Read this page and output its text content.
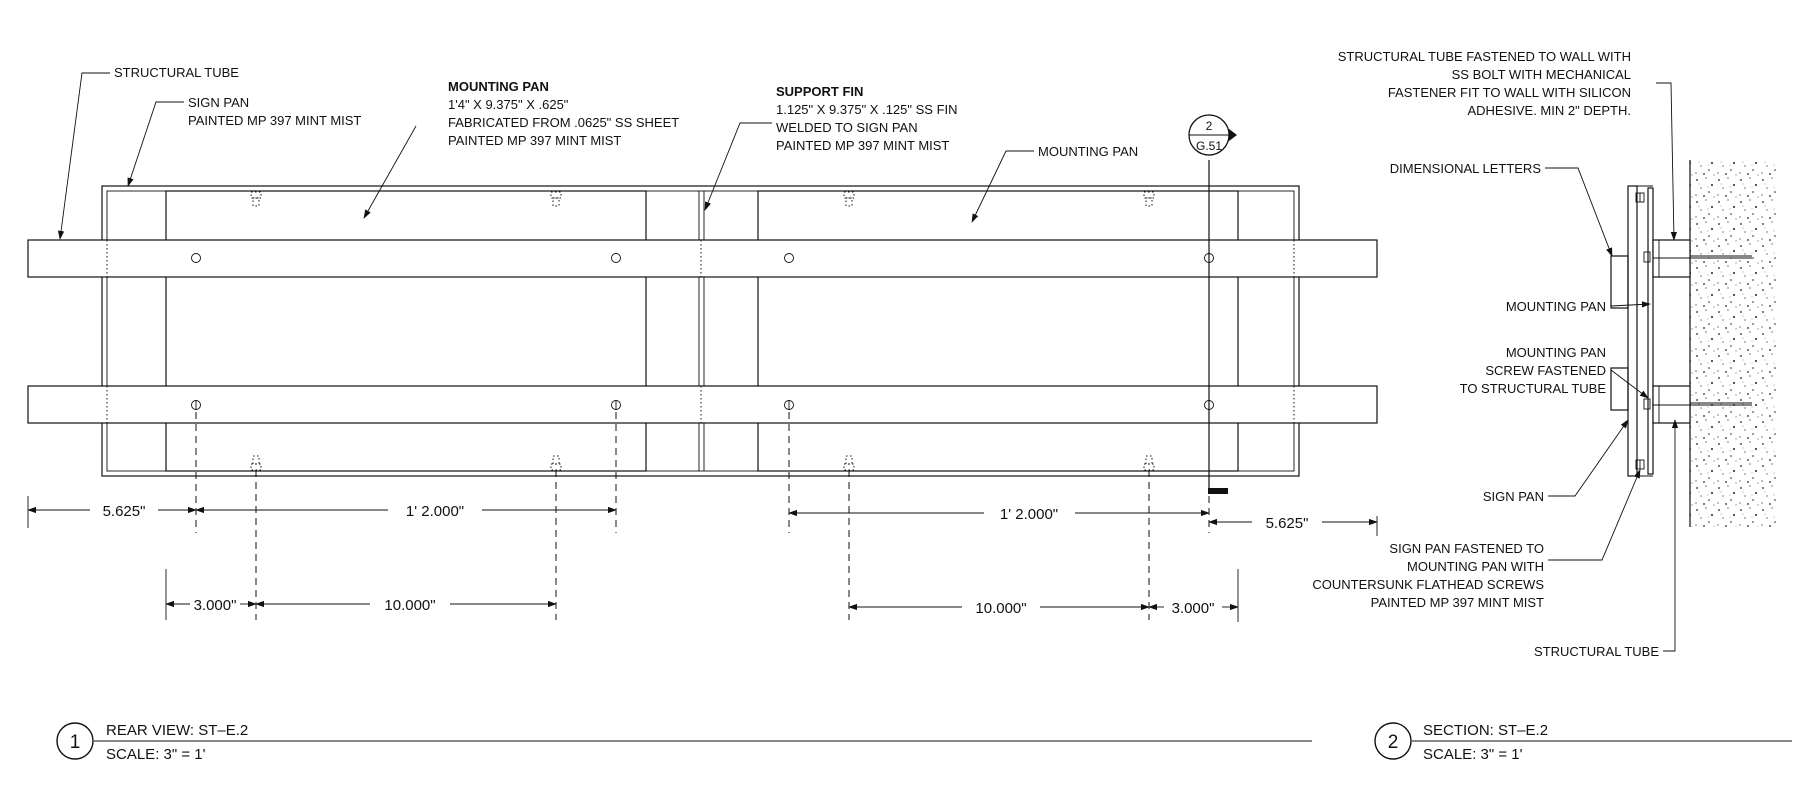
2
G.51
STRUCTURAL TUBE
SIGN PAN
PAINTED MP 397 MINT MIST
MOUNTING PAN
1'4" X 9.375" X .625"
FABRICATED FROM .0625" SS SHEET
PAINTED MP 397 MINT MIST
SUPPORT FIN
1.125" X 9.375" X .125" SS FIN
WELDED TO SIGN PAN
PAINTED MP 397 MINT MIST	MOUNTING PAN
5.625"	1' 2.000"	1' 2.000"
5.625"
3.000"	10.000"	10.000"	3.000"
1
REAR VIEW: ST–E.2
SCALE: 3" = 1'
STRUCTURAL TUBE FASTENED TO WALL WITH
SS BOLT WITH MECHANICAL
FASTENER FIT TO WALL WITH SILICON
ADHESIVE. MIN 2" DEPTH.
DIMENSIONAL LETTERS
MOUNTING PAN
MOUNTING PAN
SCREW FASTENED
TO STRUCTURAL TUBE
SIGN PAN
SIGN PAN FASTENED TO
MOUNTING PAN WITH
COUNTERSUNK FLATHEAD SCREWS
PAINTED MP 397 MINT MIST
STRUCTURAL TUBE
2
SECTION: ST–E.2
SCALE: 3" = 1'
